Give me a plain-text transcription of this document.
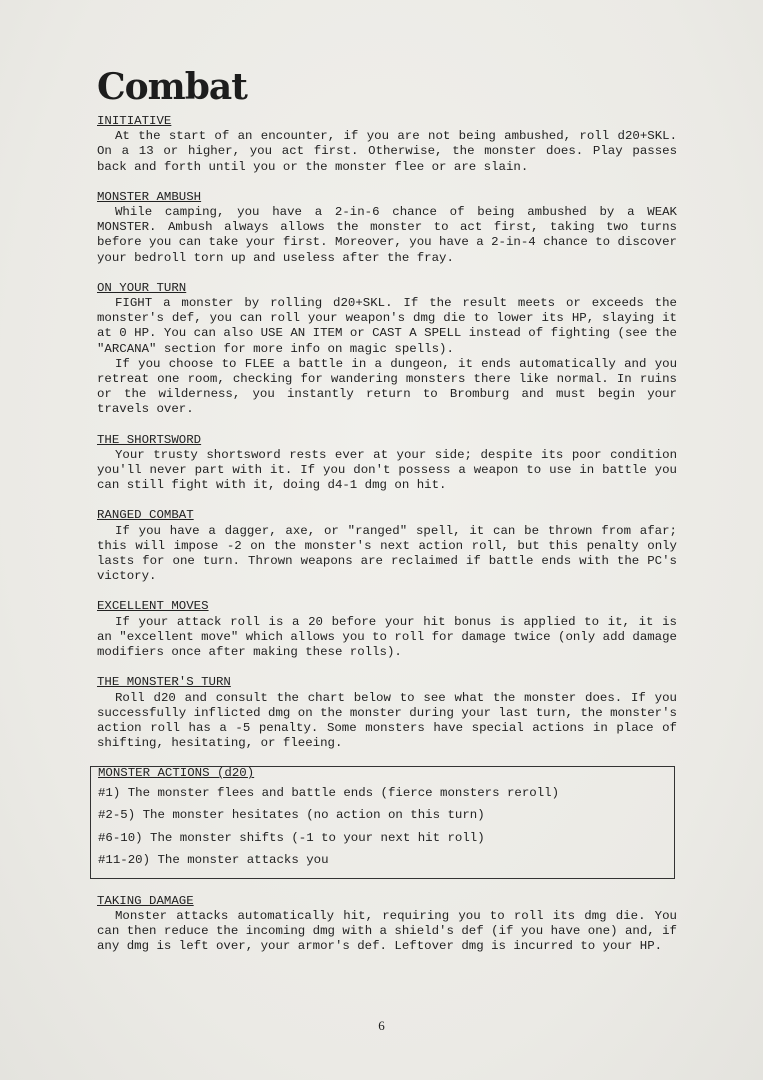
Combat

INITIATIVE

At the start of an encounter, if you are not being ambushed, roll d20+SKL. On a 13 or higher, you act first. Otherwise, the monster does. Play passes back and forth until you or the monster flee or are slain.

MONSTER AMBUSH

While camping, you have a 2-in-6 chance of being ambushed by a WEAK MONSTER. Ambush always allows the monster to act first, taking two turns before you can take your first. Moreover, you have a 2-in-4 chance to discover your bedroll torn up and useless after the fray.

ON YOUR TURN

FIGHT a monster by rolling d20+SKL. If the result meets or exceeds the monster's def, you can roll your weapon's dmg die to lower its HP, slaying it at 0 HP. You can also USE AN ITEM or CAST A SPELL instead of fighting (see the "ARCANA" section for more info on magic spells).

If you choose to FLEE a battle in a dungeon, it ends automatically and you retreat one room, checking for wandering monsters there like normal. In ruins or the wilderness, you instantly return to Bromburg and must begin your travels over.

THE SHORTSWORD

Your trusty shortsword rests ever at your side; despite its poor condition you'll never part with it. If you don't possess a weapon to use in battle you can still fight with it, doing d4-1 dmg on hit.

RANGED COMBAT

If you have a dagger, axe, or "ranged" spell, it can be thrown from afar; this will impose -2 on the monster's next action roll, but this penalty only lasts for one turn. Thrown weapons are reclaimed if battle ends with the PC's victory.

EXCELLENT MOVES

If your attack roll is a 20 before your hit bonus is applied to it, it is an "excellent move" which allows you to roll for damage twice (only add damage modifiers once after making these rolls).

THE MONSTER'S TURN

Roll d20 and consult the chart below to see what the monster does. If you successfully inflicted dmg on the monster during your last turn, the monster's action roll has a -5 penalty. Some monsters have special actions in place of shifting, hesitating, or fleeing.

MONSTER ACTIONS (d20)

#1) The monster flees and battle ends (fierce monsters reroll)

#2-5) The monster hesitates (no action on this turn)

#6-10) The monster shifts (-1 to your next hit roll)

#11-20) The monster attacks you

TAKING DAMAGE

Monster attacks automatically hit, requiring you to roll its dmg die. You can then reduce the incoming dmg with a shield's def (if you have one) and, if any dmg is left over, your armor's def. Leftover dmg is incurred to your HP.

6
